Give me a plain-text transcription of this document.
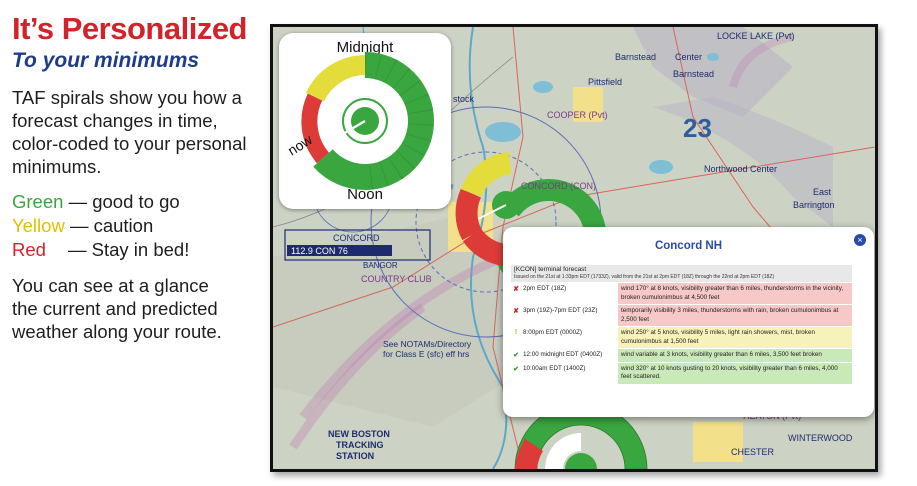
It’s Personalized
To your minimums

TAF spirals show you how a forecast changes in time, color-coded to your personal minimums.

Green — good to go
Yellow — caution
Red — Stay in bed!

You can see at a glance the current and predicted weather along your route.

LOCKE LAKE (Pvt)
Barnstead Center
Barnstead
Pittsfield
COOPER (Pvt)
Northwood Center
East
Barrington
CONCORD (CON)
23
stock
COUNTRY CLUB
See NOTAMs/Directory
for Class E (sfc) eff hrs
NEW BOSTON
TRACKING
STATION
WINTERWOOD
CHESTER
CONCORD
112.9 CON 76
BANGOR
Midnight
Noon
now
Concord NH	×
[KCON] terminal forecast
Issued on the 21st at 1:33pm EDT (1733Z), valid from the 21st at 2pm EDT (18Z) through the 22nd at 2pm EDT (18Z)
✘ 2pm EDT (18Z)	wind 170° at 8 knots, visibility greater than 6 miles, thunderstorms in the vicinity, broken cumulonimbus at 4,500 feet
✘ 3pm (19Z)-7pm EDT (23Z)	temporarily visibility 3 miles, thunderstorms with rain, broken cumulonimbus at 2,500 feet
! 8:00pm EDT (0000Z)	wind 250° at 5 knots, visibility 5 miles, light rain showers, mist, broken cumulonimbus at 1,500 feet
✔ 12:00 midnight EDT (0400Z)	wind variable at 3 knots, visibility greater than 6 miles, 3,500 feet broken
✔ 10:00am EDT (1400Z)	wind 320° at 10 knots gusting to 20 knots, visibility greater than 6 miles, 4,000 feet scattered.
